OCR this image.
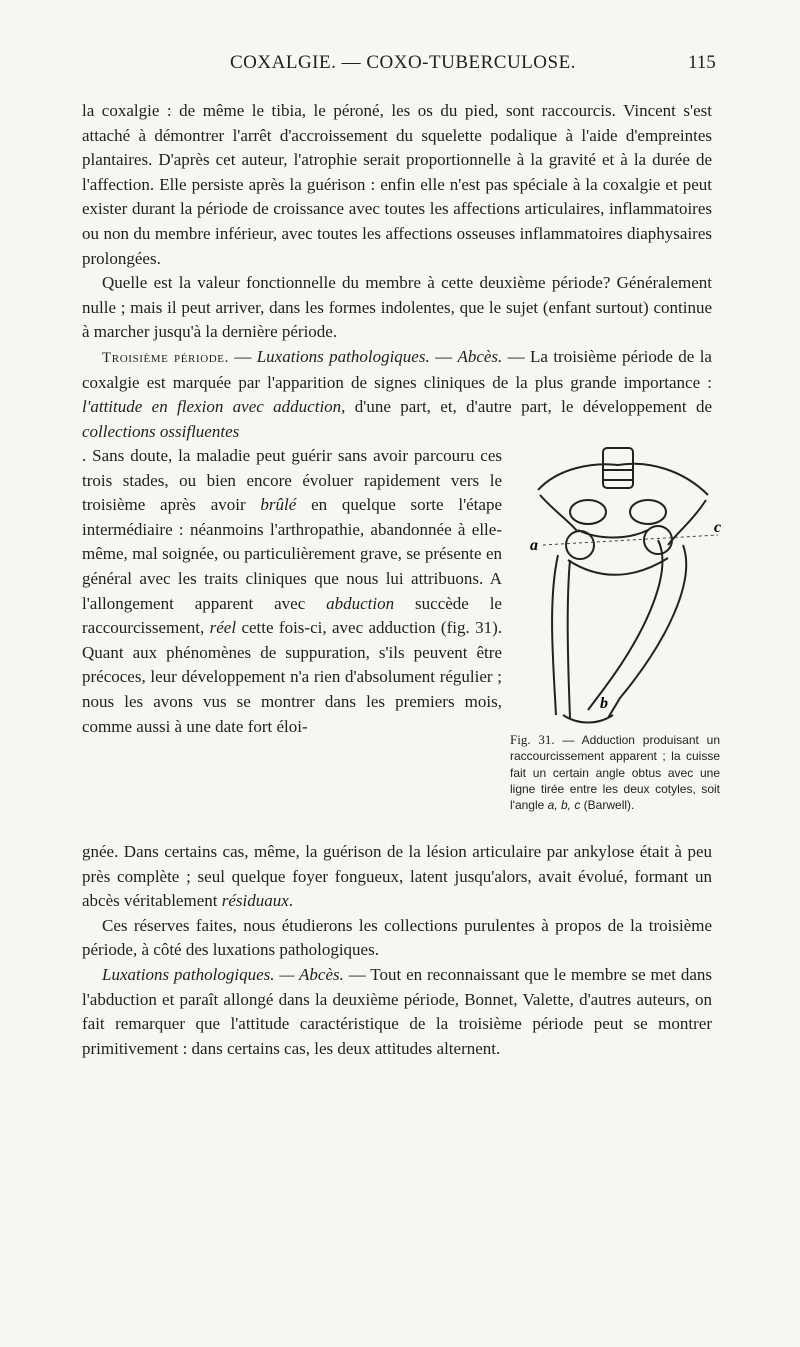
COXALGIE. — COXO-TUBERCULOSE.	115

la coxalgie : de même le tibia, le péroné, les os du pied, sont raccourcis. Vincent s'est attaché à démontrer l'arrêt d'accroissement du squelette podalique à l'aide d'empreintes plantaires. D'après cet auteur, l'atrophie serait proportionnelle à la gravité et à la durée de l'affection. Elle persiste après la guérison : enfin elle n'est pas spéciale à la coxalgie et peut exister durant la période de croissance avec toutes les affections articulaires, inflammatoires ou non du membre inférieur, avec toutes les affections osseuses inflammatoires diaphysaires prolongées.

Quelle est la valeur fonctionnelle du membre à cette deuxième période? Généralement nulle ; mais il peut arriver, dans les formes indolentes, que le sujet (enfant surtout) continue à marcher jusqu'à la dernière période.

Troisième période. — Luxations pathologiques. — Abcès. — La troisième période de la coxalgie est marquée par l'apparition de signes cliniques de la plus grande importance : l'attitude en flexion avec adduction, d'une part, et, d'autre part, le développement de collections ossifluentes

. Sans doute, la maladie peut guérir sans avoir parcouru ces trois stades, ou bien encore évoluer rapidement vers le troisième après avoir brûlé en quelque sorte l'étape intermédiaire : néanmoins l'arthropathie, abandonnée à elle-même, mal soignée, ou particulièrement grave, se présente en général avec les traits cliniques que nous lui attribuons. A l'allongement apparent avec abduction succède le raccourcissement, réel cette fois-ci, avec adduction (fig. 31). Quant aux phénomènes de suppuration, s'ils peuvent être précoces, leur développement n'a rien d'absolument régulier ; nous les avons vus se montrer dans les premiers mois, comme aussi à une date fort éloi-

a
b
c
Fig. 31. — Adduction produisant un raccourcissement apparent ; la cuisse fait un certain angle obtus avec une ligne tirée entre les deux cotyles, soit l'angle a, b, c (Barwell).

gnée. Dans certains cas, même, la guérison de la lésion articulaire par ankylose était à peu près complète ; seul quelque foyer fongueux, latent jusqu'alors, avait évolué, formant un abcès véritablement résiduaux.

Ces réserves faites, nous étudierons les collections purulentes à propos de la troisième période, à côté des luxations pathologiques.

Luxations pathologiques. — Abcès. — Tout en reconnaissant que le membre se met dans l'abduction et paraît allongé dans la deuxième période, Bonnet, Valette, d'autres auteurs, on fait remarquer que l'attitude caractéristique de la troisième période peut se montrer primitivement : dans certains cas, les deux attitudes alternent.
